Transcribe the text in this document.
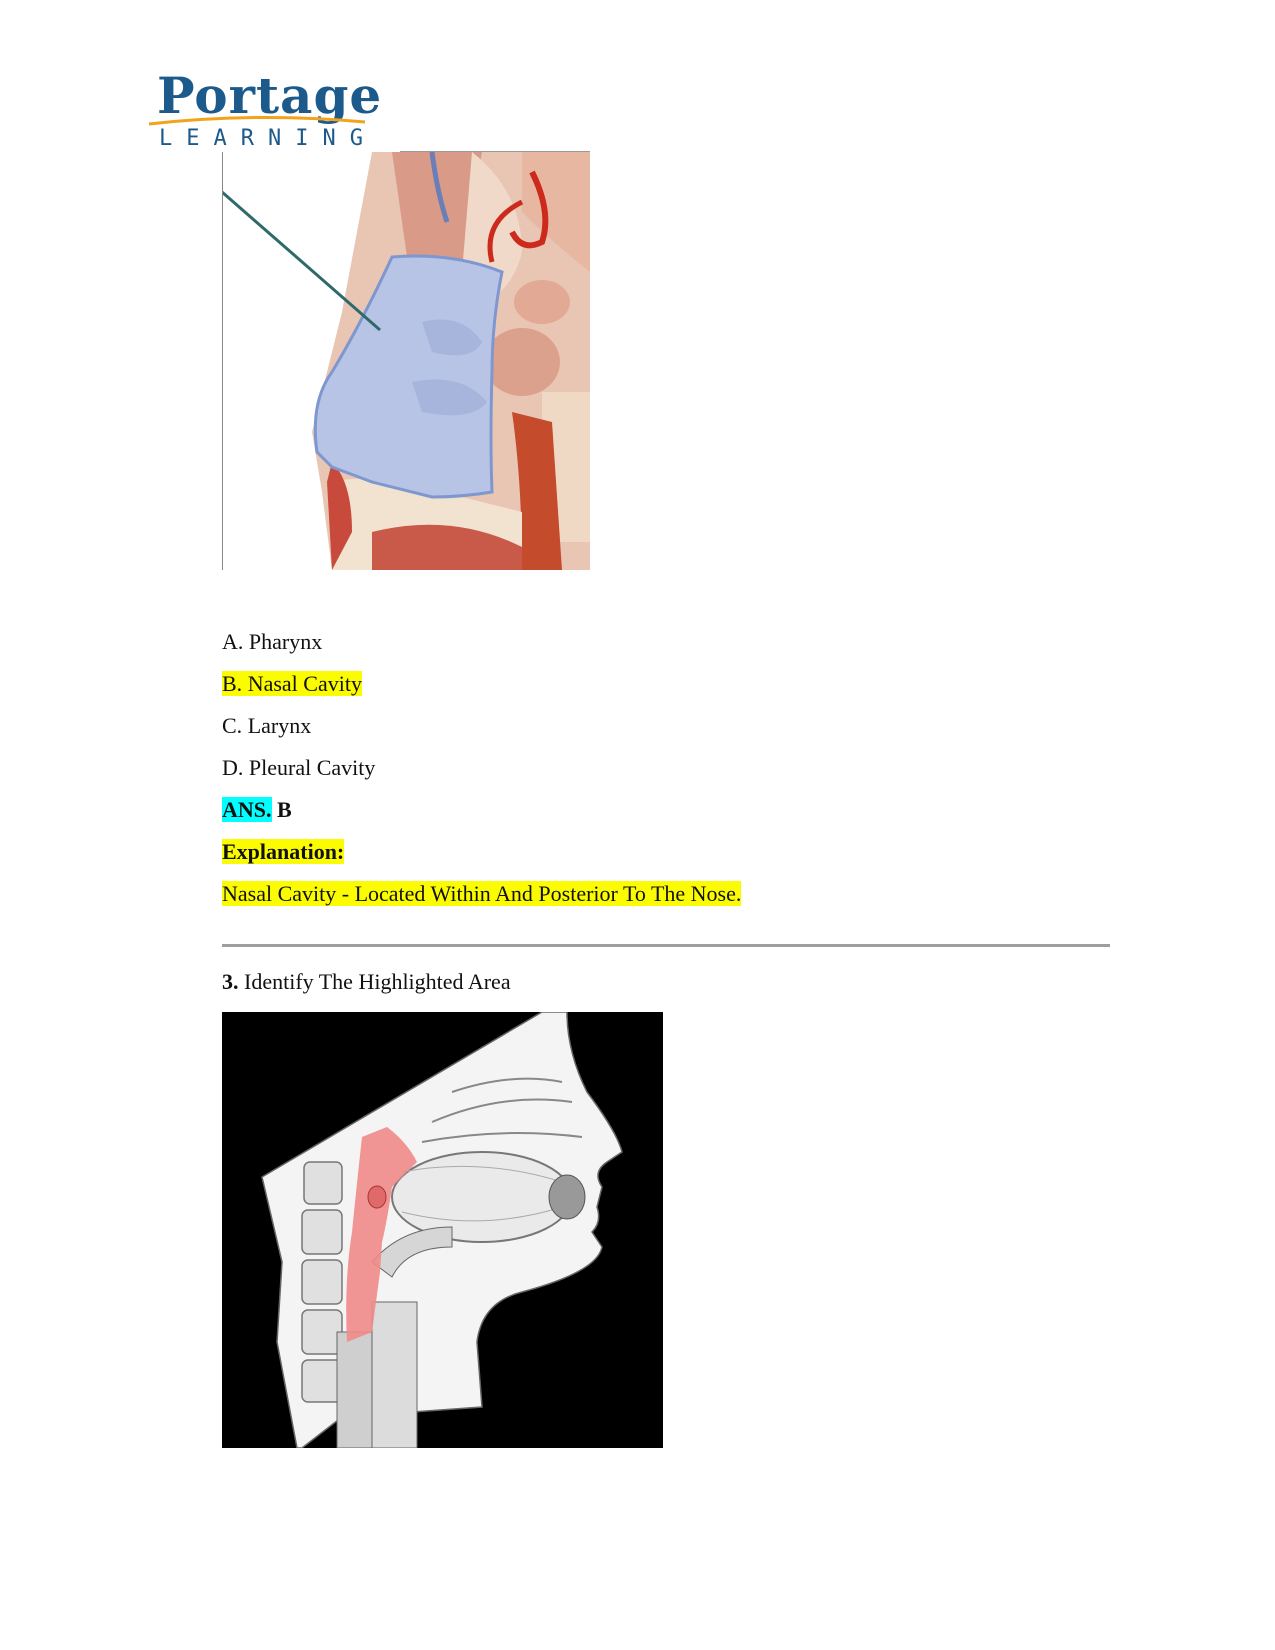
Portage
LEARNING
A. Pharynx
B. Nasal Cavity
C. Larynx
D. Pleural Cavity
ANS. B
Explanation:
Nasal Cavity - Located Within And Posterior To The Nose.
3. Identify The Highlighted Area
